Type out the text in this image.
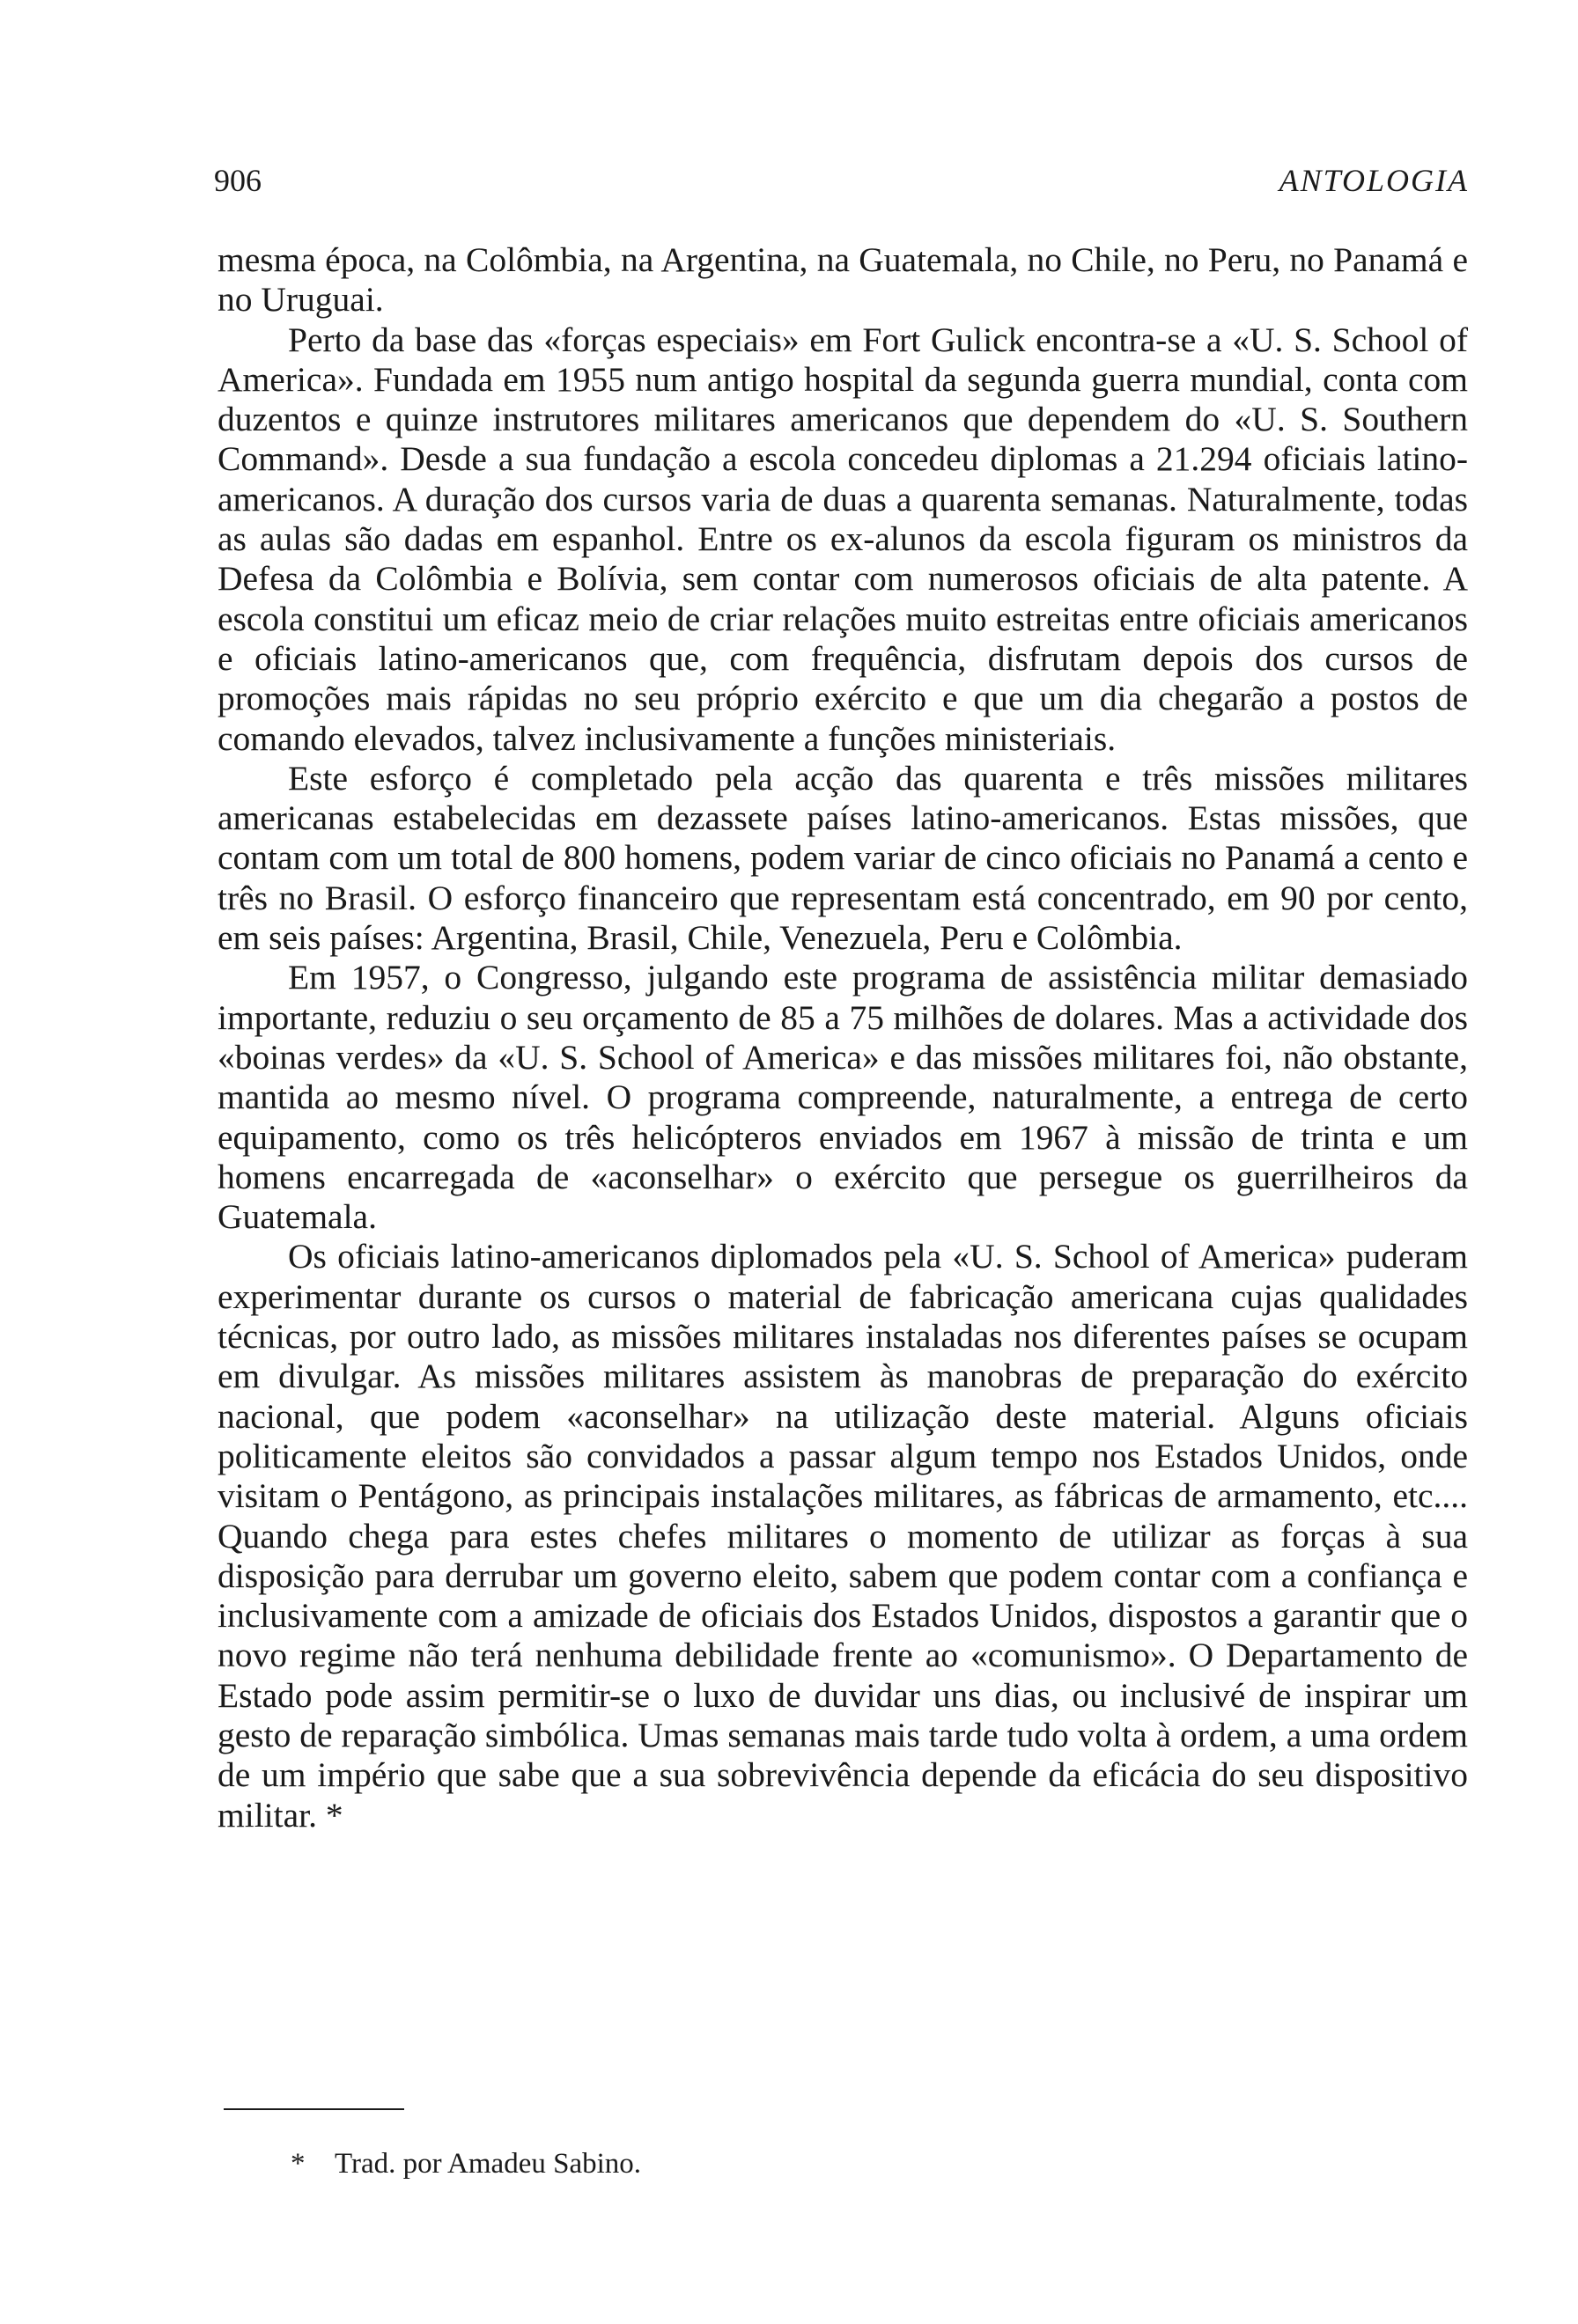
906	ANTOLOGIA

mesma época, na Colômbia, na Argentina, na Guatemala, no Chile, no Peru, no Panamá e no Uruguai.

Perto da base das «forças especiais» em Fort Gulick encontra-se a «U. S. School of America». Fundada em 1955 num antigo hospital da segunda guerra mundial, conta com duzentos e quinze instrutores militares americanos que dependem do «U. S. Southern Command». Desde a sua fundação a escola concedeu diplomas a 21.294 oficiais latino-americanos. A duração dos cursos varia de duas a quarenta semanas. Naturalmente, todas as aulas são dadas em espanhol. Entre os ex-alunos da escola figuram os ministros da Defesa da Colômbia e Bolívia, sem contar com numerosos oficiais de alta patente. A escola constitui um eficaz meio de criar relações muito estreitas entre oficiais americanos e oficiais latino-americanos que, com frequência, disfrutam depois dos cursos de promoções mais rápidas no seu próprio exército e que um dia chegarão a postos de comando elevados, talvez inclusivamente a funções ministeriais.

Este esforço é completado pela acção das quarenta e três missões militares americanas estabelecidas em dezassete países latino-americanos. Estas missões, que contam com um total de 800 homens, podem variar de cinco oficiais no Panamá a cento e três no Brasil. O esforço financeiro que representam está concentrado, em 90 por cento, em seis países: Argentina, Brasil, Chile, Venezuela, Peru e Colômbia.

Em 1957, o Congresso, julgando este programa de assistência militar demasiado importante, reduziu o seu orçamento de 85 a 75 milhões de dolares. Mas a actividade dos «boinas verdes» da «U. S. School of America» e das missões militares foi, não obstante, mantida ao mesmo nível. O programa compreende, naturalmente, a entrega de certo equipamento, como os três helicópteros enviados em 1967 à missão de trinta e um homens encarregada de «aconselhar» o exército que persegue os guerrilheiros da Guatemala.

Os oficiais latino-americanos diplomados pela «U. S. School of America» puderam experimentar durante os cursos o material de fabricação americana cujas qualidades técnicas, por outro lado, as missões militares instaladas nos diferentes países se ocupam em divulgar. As missões militares assistem às manobras de preparação do exército nacional, que podem «aconselhar» na utilização deste material. Alguns oficiais politicamente eleitos são convidados a passar algum tempo nos Estados Unidos, onde visitam o Pentágono, as principais instalações militares, as fábricas de armamento, etc.... Quando chega para estes chefes militares o momento de utilizar as forças à sua disposição para derrubar um governo eleito, sabem que podem contar com a confiança e inclusivamente com a amizade de oficiais dos Estados Unidos, dispostos a garantir que o novo regime não terá nenhuma debilidade frente ao «comunismo». O Departamento de Estado pode assim permitir-se o luxo de duvidar uns dias, ou inclusivé de inspirar um gesto de reparação simbólica. Umas semanas mais tarde tudo volta à ordem, a uma ordem de um império que sabe que a sua sobrevivência depende da eficácia do seu dispositivo militar. *

* Trad. por Amadeu Sabino.
